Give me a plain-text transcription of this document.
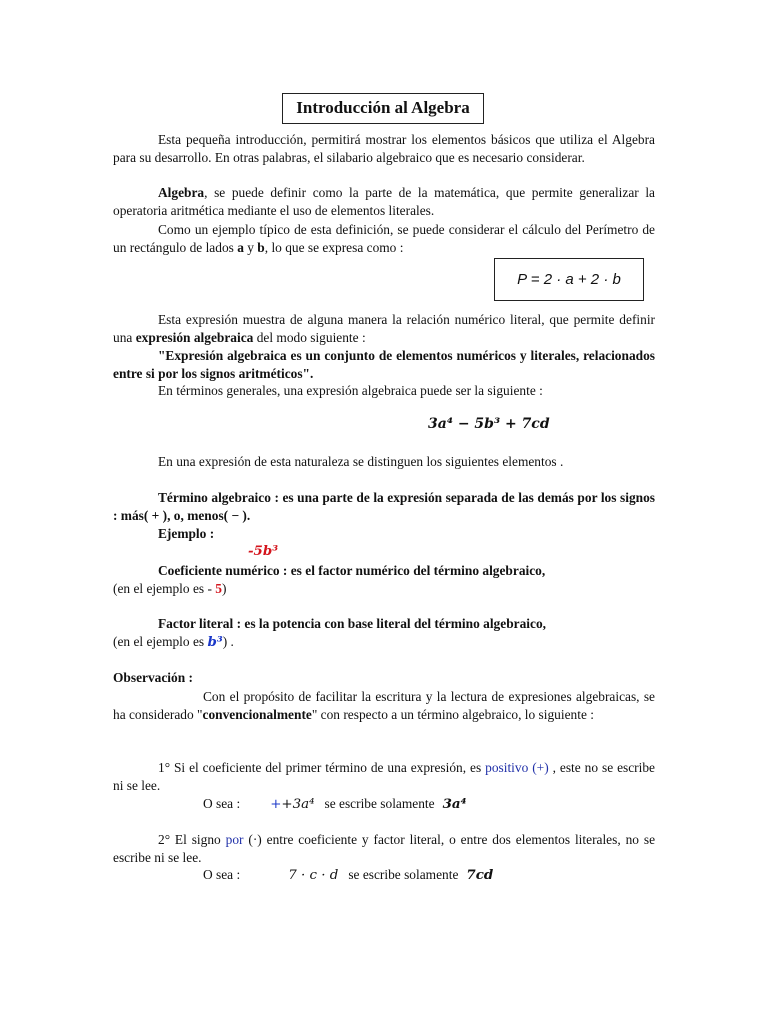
Introducción al Algebra
Esta pequeña introducción, permitirá mostrar los elementos básicos que utiliza el Algebra para su desarrollo. En otras palabras, el silabario algebraico que es necesario considerar.
Algebra, se puede definir como la parte de la matemática, que permite generalizar la operatoria aritmética mediante el uso de elementos literales.
Como un ejemplo típico de esta definición, se puede considerar el cálculo del Perímetro de un rectángulo de lados a y b, lo que se expresa como :
P = 2 · a + 2 · b
Esta expresión muestra de alguna manera la relación numérico literal, que permite definir una expresión algebraica del modo siguiente :
"Expresión algebraica es un conjunto de elementos numéricos y literales, relacionados entre si por los signos aritméticos".
En términos generales, una expresión algebraica puede ser la siguiente :
3a⁴ − 5b³ + 7cd
En una expresión de esta naturaleza se distinguen los siguientes elementos .
Término algebraico : es una parte de la expresión separada de las demás por los signos : más( + ), o, menos( − ).
Ejemplo :
-5b³
Coeficiente numérico : es el factor numérico del término algebraico,
(en el ejemplo es - 5)
Factor literal : es la potencia con base literal del término algebraico,
(en el ejemplo es b³) .
Observación :
Con el propósito de facilitar la escritura y la lectura de expresiones algebraicas, se ha considerado "convencionalmente" con respecto a un término algebraico, lo siguiente :
1° Si el coeficiente del primer término de una expresión, es positivo (+) , este no se escribe ni se lee.
O sea : ++3a⁴ se escribe solamente 3a⁴
2° El signo por (·) entre coeficiente y factor literal, o entre dos elementos literales, no se escribe ni se lee.
O sea :	7 · c · d se escribe solamente 7cd
